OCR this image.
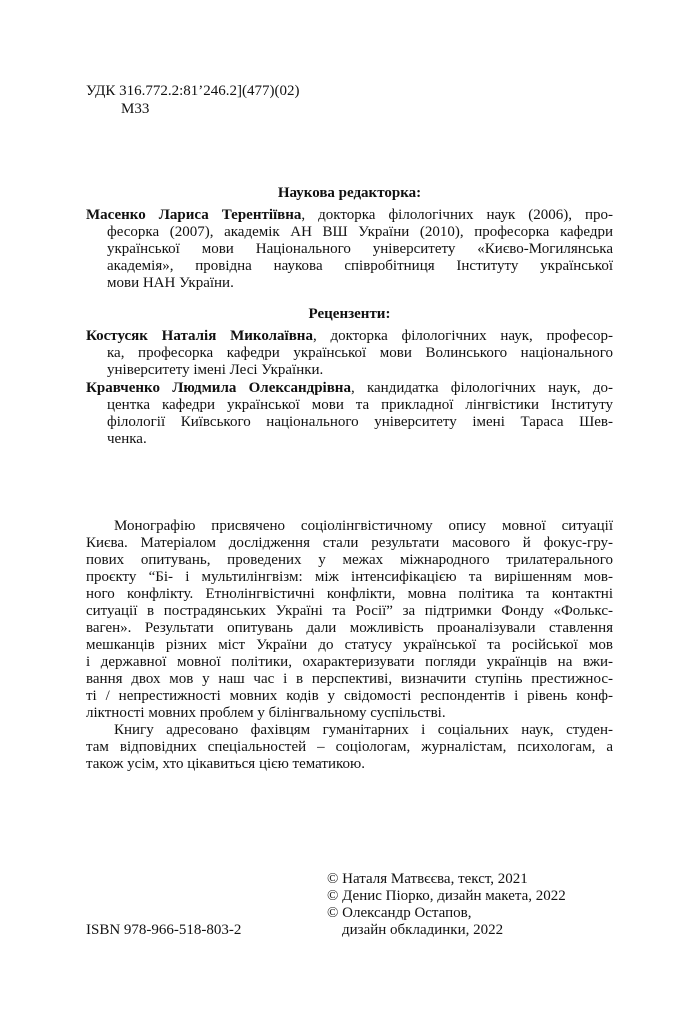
УДК 316.772.2:81’246.2](477)(02)
М33
Наукова редакторка:
Масенко Лариса Терентіївна, докторка філологічних наук (2006), про-
фесорка (2007), академік АН ВШ України (2010), професорка кафедри
української мови Національного університету «Києво-Могилянська
академія», провідна наукова співробітниця Інституту української
мови НАН України.
Рецензенти:
Костусяк Наталія Миколаївна, докторка філологічних наук, професор-
ка, професорка кафедри української мови Волинського національного
університету імені Лесі Українки.
Кравченко Людмила Олександрівна, кандидатка філологічних наук, до-
центка кафедри української мови та прикладної лінгвістики Інституту
філології Київського національного університету імені Тараса Шев-
ченка.
Монографію присвячено соціолінгвістичному опису мовної ситуації
Києва. Матеріалом дослідження стали результати масового й фокус-гру-
пових опитувань, проведених у межах міжнародного трилатерального
проєкту “Бі- і мультилінгвізм: між інтенсифікацією та вирішенням мов-
ного конфлікту. Етнолінгвістичні конфлікти, мовна політика та контактні
ситуації в пострадянських Україні та Росії” за підтримки Фонду «Фолькс-
ваген». Результати опитувань дали можливість проаналізували ставлення
мешканців різних міст України до статусу української та російської мов
і державної мовної політики, охарактеризувати погляди українців на вжи-
вання двох мов у наш час і в перспективі, визначити ступінь престижнос-
ті / непрестижності мовних кодів у свідомості респондентів і рівень конф-
ліктності мовних проблем у білінгвальному суспільстві.
Книгу адресовано фахівцям гуманітарних і соціальних наук, студен-
там відповідних спеціальностей – соціологам, журналістам, психологам, а
також усім, хто цікавиться цією тематикою.
© Наталя Матвєєва, текст, 2021
© Денис Піорко, дизайн макета, 2022
© Олександр Остапов,
дизайн обкладинки, 2022
ISBN 978-966-518-803-2
